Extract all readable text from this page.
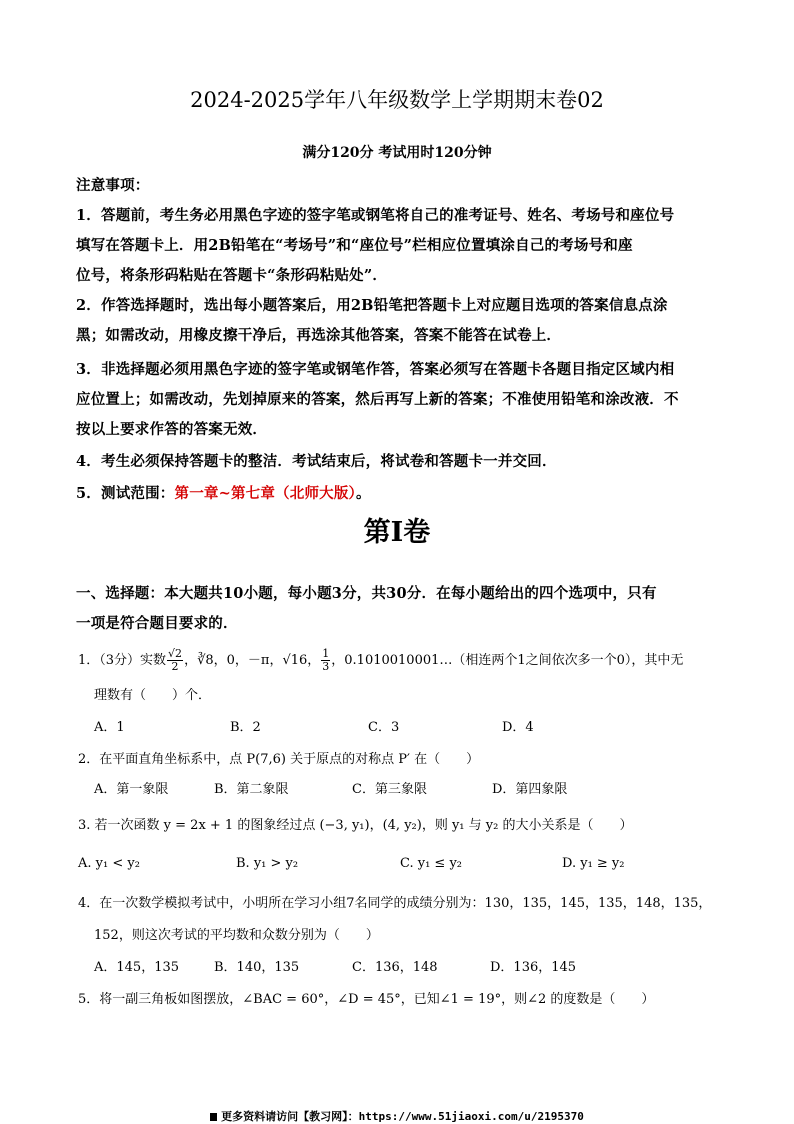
2024-2025学年八年级数学上学期期末卷02
满分120分 考试用时120分钟
注意事项：
1．答题前，考生务必用黑色字迹的签字笔或钢笔将自己的准考证号、姓名、考场号和座位号
填写在答题卡上．用2B铅笔在“考场号”和“座位号”栏相应位置填涂自己的考场号和座
位号，将条形码粘贴在答题卡“条形码粘贴处”．
2．作答选择题时，选出每小题答案后，用2B铅笔把答题卡上对应题目选项的答案信息点涂
黑；如需改动，用橡皮擦干净后，再选涂其他答案，答案不能答在试卷上．
3．非选择题必须用黑色字迹的签字笔或钢笔作答，答案必须写在答题卡各题目指定区域内相
应位置上；如需改动，先划掉原来的答案，然后再写上新的答案；不准使用铅笔和涂改液．不
按以上要求作答的答案无效．
4．考生必须保持答题卡的整洁．考试结束后，将试卷和答题卡一并交回．
5．测试范围：第一章~第七章（北师大版）。
第Ⅰ卷
一、选择题：本大题共10小题，每小题3分，共30分．在每小题给出的四个选项中，只有
一项是符合题目要求的．
1．（3分）实数 $\frac{√2}{2}$ ，∛8，0，－π，√16， $\frac{1}{3}$ ，0.1010010001…（相连两个1之间依次多一个0），其中无
理数有（　　）个．
A．1	B．2	C．3	D．4
2．在平面直角坐标系中，点 P(7,6) 关于原点的对称点 P′ 在（　　）
A．第一象限	B．第二象限	C．第三象限	D．第四象限
3. 若一次函数 y = 2x + 1 的图象经过点 (−3, y₁)，(4, y₂)，则 y₁ 与 y₂ 的大小关系是（　　）
A. y₁ < y₂	B. y₁ > y₂	C. y₁ ≤ y₂	D. y₁ ≥ y₂
4．在一次数学模拟考试中，小明所在学习小组7名同学的成绩分别为：130，135，145，135，148，135，
152，则这次考试的平均数和众数分别为（　　）
A．145，135	B．140，135	C．136，148	D．136，145
5．将一副三角板如图摆放，∠BAC = 60°，∠D = 45°，已知∠1 = 19°，则∠2 的度数是（　　）
更多资料请访问【教习网】：https://www.51jiaoxi.com/u/2195370
